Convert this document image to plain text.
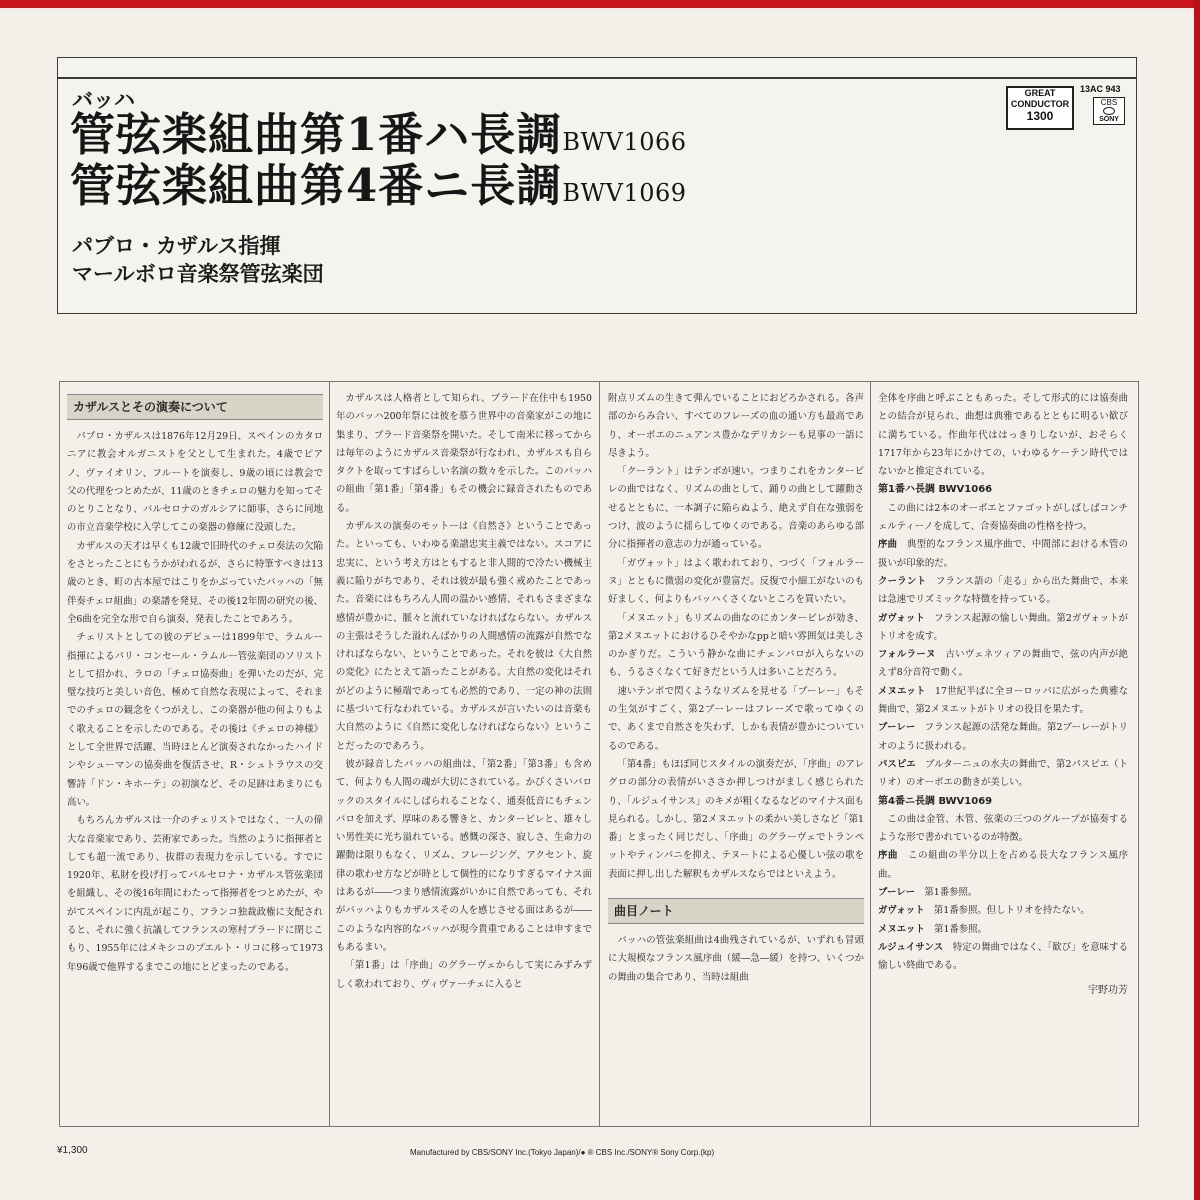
バッハ
管弦楽組曲第1番ハ長調BWV1066
管弦楽組曲第4番ニ長調BWV1069
パブロ・カザルス指揮
マールボロ音楽祭管弦楽団
GREAT
CONDUCTOR
1300
13AC 943
CBS
SONY
カザルスとその演奏について

パブロ・カザルスは1876年12月29日、スペインのカタロニアに教会オルガニストを父として生まれた。4歳でピアノ、ヴァイオリン、フルートを演奏し、9歳の頃には教会で父の代理をつとめたが、11歳のときチェロの魅力を知ってそのとりことなり、バルセロナのガルシアに師事、さらに同地の市立音楽学校に入学してこの楽器の修練に没頭した。

カザルスの天才は早くも12歳で旧時代のチェロ奏法の欠陥をさとったことにもうかがわれるが、さらに特筆すべきは13歳のとき、町の古本屋ではこりをかぶっていたバッハの「無伴奏チェロ組曲」の楽譜を発見、その後12年間の研究の後、全6曲を完全な形で自ら演奏、発表したことであろう。

チェリストとしての彼のデビューは1899年で、ラムルー指揮によるパリ・コンセール・ラムルー管弦楽団のソリストとして招かれ、ラロの「チェロ協奏曲」を弾いたのだが、完璧な技巧と美しい音色、極めて自然な表現によって、それまでのチェロの観念をくつがえし、この楽器が他の何よりもよく歌えることを示したのである。その後は《チェロの神様》として全世界で活躍、当時ほとんど演奏されなかったハイドンやシューマンの協奏曲を復活させ、R・シュトラウスの交響詩「ドン・キホーテ」の初演など、その足跡はあまりにも高い。

もちろんカザルスは一介のチェリストではなく、一人の偉大な音楽家であり、芸術家であった。当然のように指揮者としても超一流であり、抜群の表現力を示している。すでに1920年、私財を投げ打ってバルセロナ・カザルス管弦楽団を組織し、その後16年間にわたって指揮者をつとめたが、やがてスペインに内乱が起こり、フランコ独裁政権に支配されると、それに強く抗議してフランスの寒村プラードに閉じこもり、1955年にはメキシコのプエルト・リコに移って1973年96歳で他界するまでこの地にとどまったのである。

カザルスは人格者として知られ、プラード在住中も1950年のバッハ200年祭には彼を慕う世界中の音楽家がこの地に集まり、プラード音楽祭を開いた。そして南米に移ってからは毎年のようにカザルス音楽祭が行なわれ、カザルスも自らタクトを取ってすばらしい名演の数々を示した。このバッハの組曲「第1番」「第4番」もその機会に録音されたものである。

カザルスの演奏のモットーは《自然さ》ということであった。といっても、いわゆる楽譜忠実主義ではない。スコアに忠実に、という考え方はともすると非人間的で冷たい機械主義に陥りがちであり、それは彼が最も強く戒めたことであった。音楽にはもちろん人間の温かい感情、それもさまざまな感情が豊かに、脈々と流れていなければならない。カザルスの主張はそうした溢れんばかりの人間感情の流露が自然でなければならない、ということであった。それを彼は《大自然の変化》にたとえて語ったことがある。大自然の変化はそれがどのように極端であっても必然的であり、一定の神の法則に基づいて行なわれている。カザルスが言いたいのは音楽も大自然のように《自然に変化しなければならない》ということだったのであろう。

彼が録音したバッハの組曲は、「第2番」「第3番」も含めて、何よりも人間の魂が大切にされている。かびくさいバロックのスタイルにしばられることなく、通奏低音にもチェンバロを加えず、厚味のある響きと、カンタービレと、雄々しい男性美に光ち溢れている。感慨の深さ、寂しさ、生命力の躍動は限りもなく、リズム、フレージング、アクセント、旋律の歌わせ方などが時として個性的になりすぎるマイナス面はあるが――つまり感情流露がいかに自然であっても、それがバッハよりもカザルスその人を感じさせる面はあるが――このような内容的なバッハが現今貴重であることは申すまでもあるまい。

「第1番」は「序曲」のグラーヴェからして実にみずみずしく歌われており、ヴィヴァーチェに入ると

附点リズムの生きて弾んでいることにおどろかされる。各声部のからみ合い、すべてのフレーズの血の通い方も最高であり、オーボエのニュアンス豊かなデリカシーも見事の一語に尽きよう。

「クーラント」はテンポが速い。つまりこれをカンタービレの曲ではなく、リズムの曲として、踊りの曲として躍動させるとともに、一本調子に陥らぬよう、絶えず自在な強弱をつけ、波のように揺らしてゆくのである。音楽のあらゆる部分に指揮者の意志の力が通っている。

「ガヴォット」はよく歌われており、つづく「フォルラーヌ」とともに微弱の変化が豊富だ。反復で小細工がないのも好ましく、何よりもバッハくさくないところを買いたい。

「メヌエット」もリズムの曲なのにカンタービレが効き、第2メヌエットにおけるひそやかなppと暗い雰囲気は美しさのかぎりだ。こういう静かな曲にチェンバロが入らないのも、うるさくなくて好きだという人は多いことだろう。

速いテンポで閃くようなリズムを見せる「ブーレー」もその生気がすごく、第2ブーレーはフレーズで歌ってゆくので、あくまで自然さを失わず、しかも表情が豊かについているのである。

「第4番」もほぼ同じスタイルの演奏だが、「序曲」のアレグロの部分の表情がいささか押しつけがましく感じられたり、「ルジュイサンス」のキメが粗くなるなどのマイナス面も見られる。しかし、第2メヌエットの柔かい美しさなど「第1番」とまったく同じだし、「序曲」のグラーヴェでトランペットやティンパニを抑え、テヌートによる心優しい弦の歌を表面に押し出した解釈もカザルスならではといえよう。

曲目ノート

バッハの管弦楽組曲は4曲残されているが、いずれも冒頭に大規模なフランス風序曲（緩―急―緩）を持つ、いくつかの舞曲の集合であり、当時は組曲

全体を序曲と呼ぶこともあった。そして形式的には協奏曲との結合が見られ、曲想は典雅であるとともに明るい歓びに満ちている。作曲年代ははっきりしないが、おそらく1717年から23年にかけての、いわゆるケーテン時代ではないかと推定されている。

第1番ハ長調 BWV1066

この曲には2本のオーボエとファゴットがしばしばコンチェルティーノを成して、合奏協奏曲の性格を持つ。

序曲　 典型的なフランス風序曲で、中間部における木管の扱いが印象的だ。

クーラント　 フランス語の「走る」から出た舞曲で、本来は急速でリズミックな特徴を持っている。

ガヴォット　 フランス起源の愉しい舞曲。第2ガヴォットがトリオを成す。

フォルラーヌ　 古いヴェネツィアの舞曲で、弦の内声が絶えず8分音符で動く。

メヌエット　 17世紀半ばに全ヨーロッパに広がった典雅な舞曲で、第2メヌエットがトリオの役目を果たす。

ブーレー　 フランス起源の活発な舞曲。第2ブーレーがトリオのように扱われる。

パスピエ　 ブルターニュの水夫の舞曲で、第2パスピエ（トリオ）のオーボエの動きが美しい。

第4番ニ長調 BWV1069

この曲は金管、木管、弦楽の三つのグループが協奏するような形で書かれているのが特徴。

序曲　 この組曲の半分以上を占める長大なフランス風序曲。

ブーレー　 第1番参照。

ガヴォット　 第1番参照。但しトリオを持たない。

メヌエット　 第1番参照。

ルジュイサンス　 特定の舞曲ではなく、「歓び」を意味する愉しい終曲である。

宇野功芳

¥1,300	Manufactured by CBS/SONY Inc.(Tokyo Japan)/● ® CBS Inc./SONY® Sony Corp.(kp)
